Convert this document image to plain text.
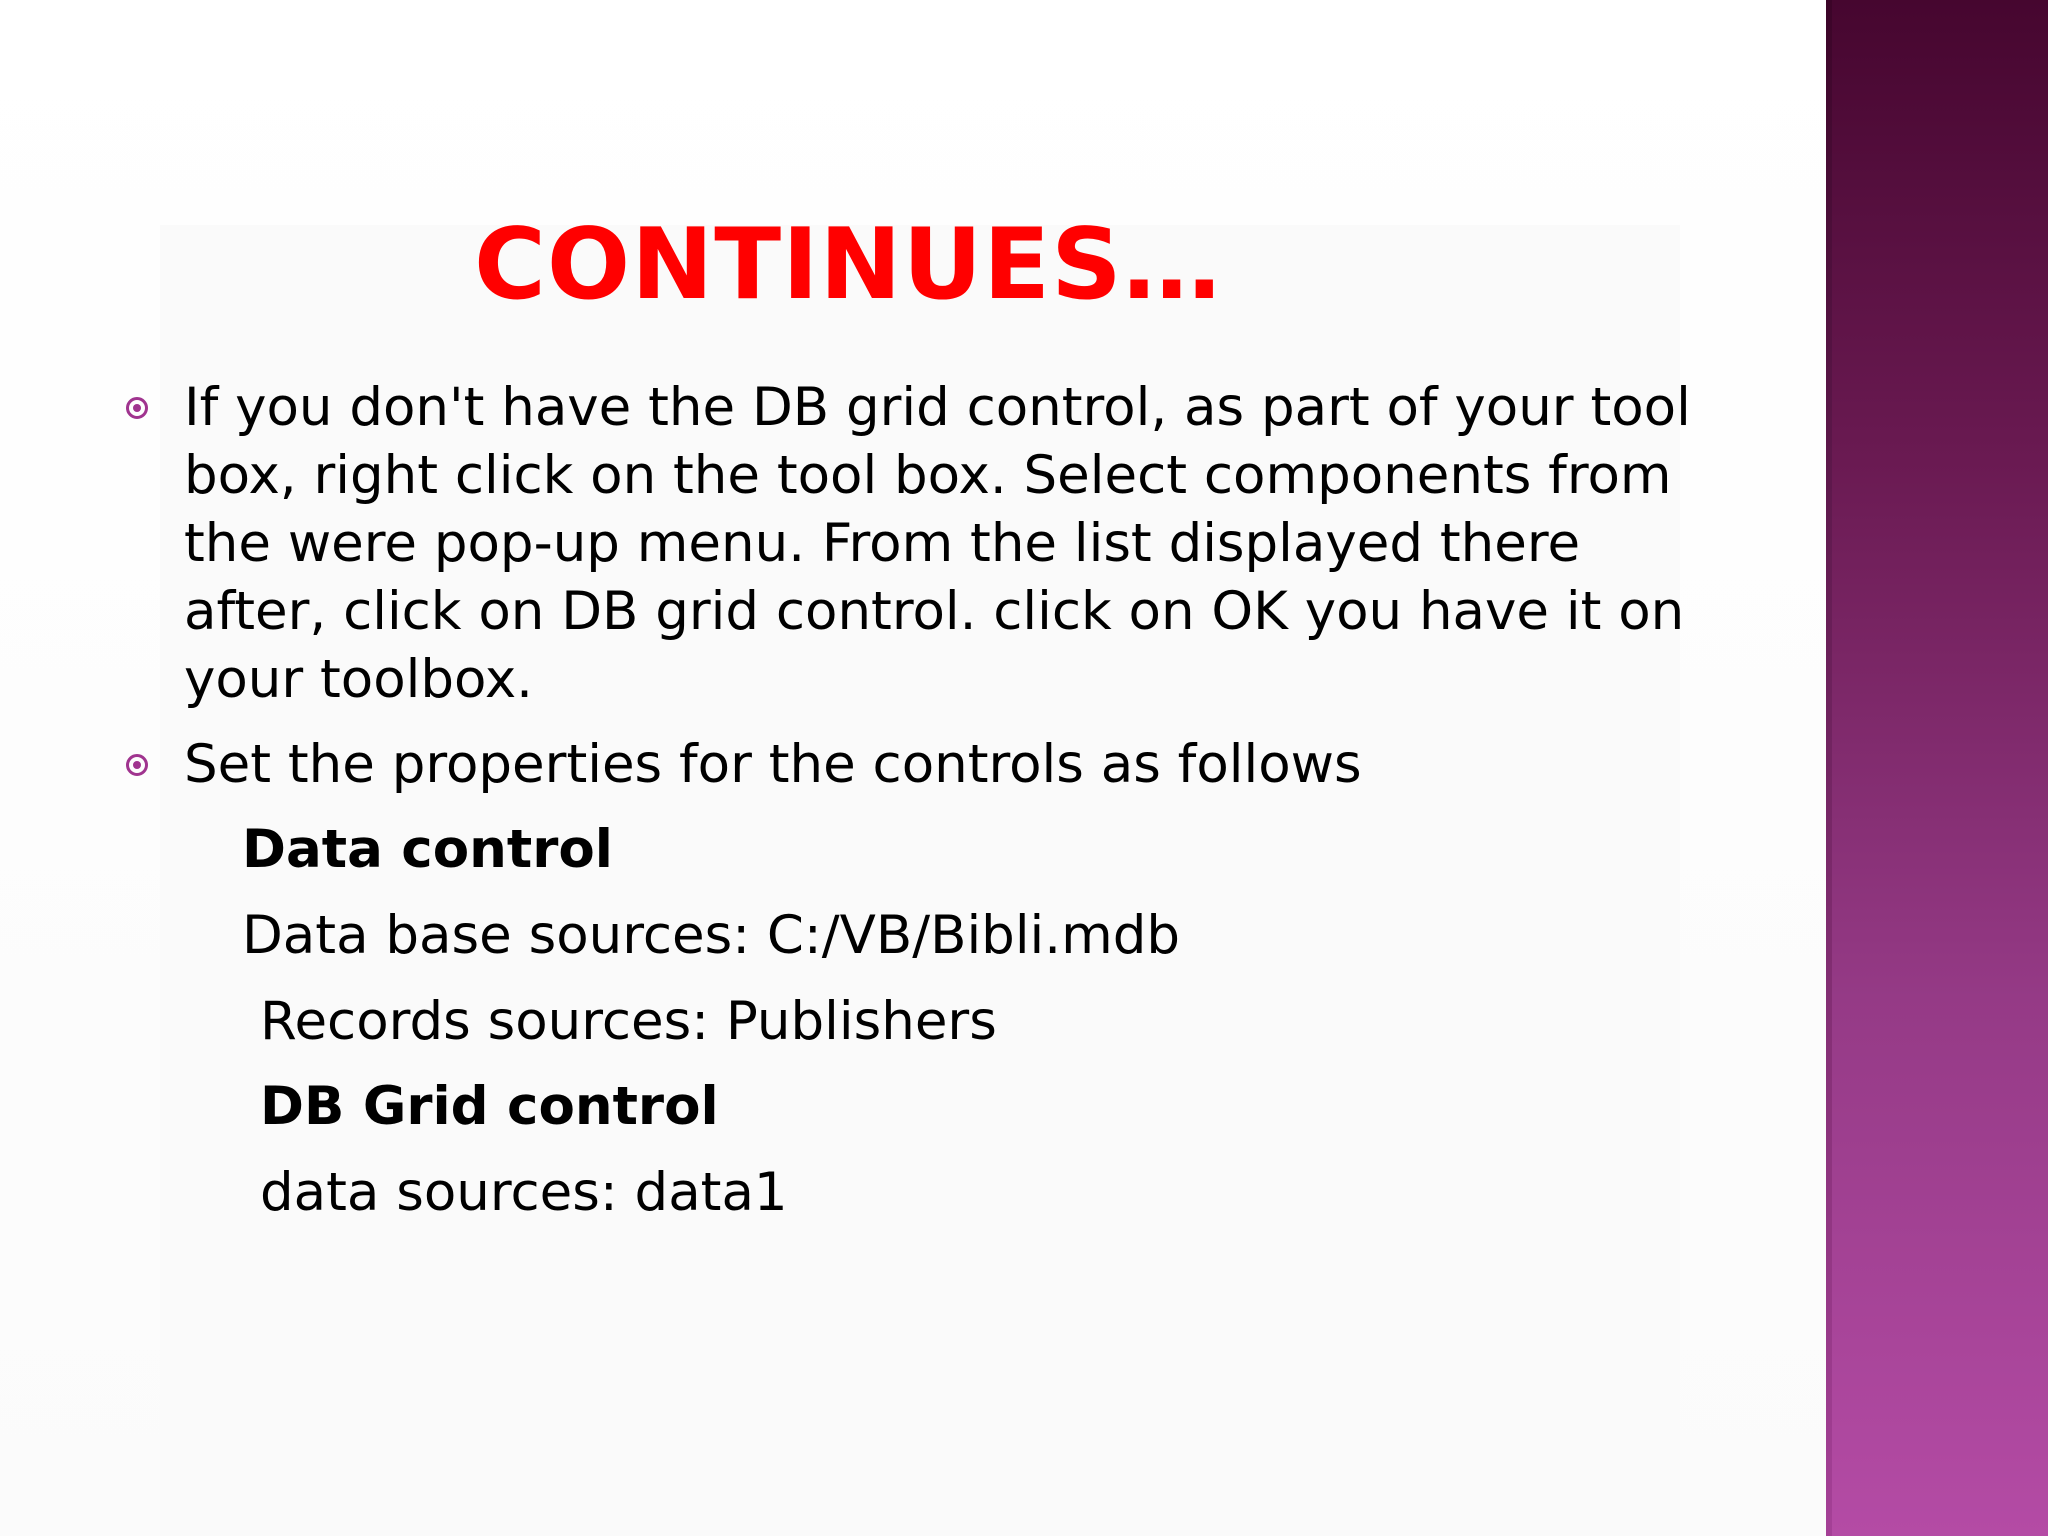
CONTINUES…
If you don't have the DB grid control, as part of your tool box, right click on the tool box. Select components from the were pop-up menu. From the list displayed there after, click on DB grid control. click on OK you have it on your toolbox.
Set the properties for the controls as follows
Data control
Data base sources: C:/VB/Bibli.mdb
Records sources: Publishers
DB Grid control
data sources: data1
